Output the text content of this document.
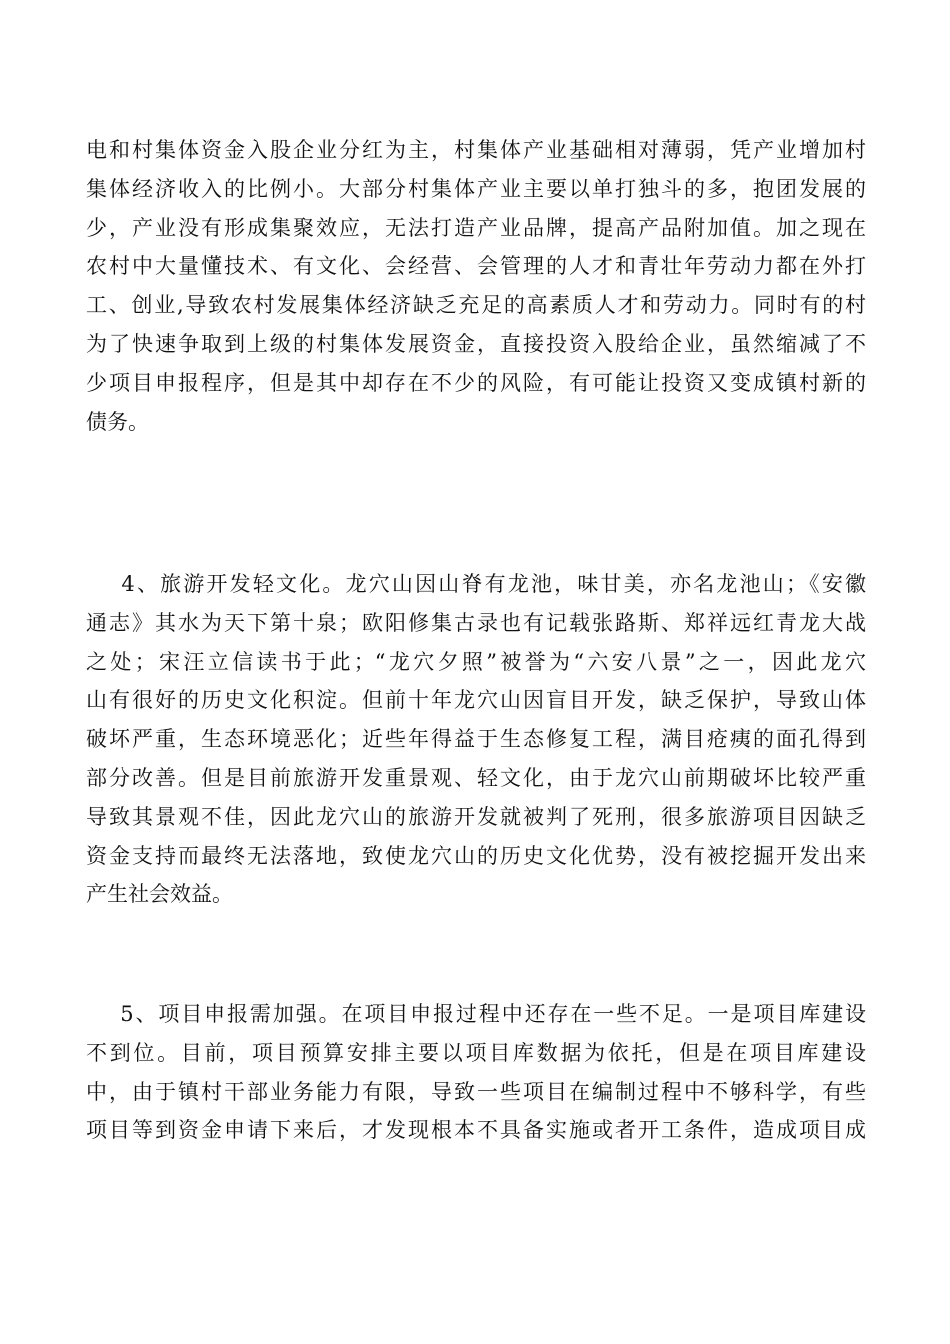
电和村集体资金入股企业分红为主，村集体产业基础相对薄弱，凭产业增加村
集体经济收入的比例小。大部分村集体产业主要以单打独斗的多，抱团发展的
少，产业没有形成集聚效应，无法打造产业品牌，提高产品附加值。加之现在
农村中大量懂技术、有文化、会经营、会管理的人才和青壮年劳动力都在外打
工、创业,导致农村发展集体经济缺乏充足的高素质人才和劳动力。同时有的村
为了快速争取到上级的村集体发展资金，直接投资入股给企业，虽然缩减了不
少项目申报程序，但是其中却存在不少的风险，有可能让投资又变成镇村新的
债务。
4、旅游开发轻文化。龙穴山因山脊有龙池，味甘美，亦名龙池山；《安徽
通志》其水为天下第十泉；欧阳修集古录也有记载张路斯、郑祥远红青龙大战
之处；宋汪立信读书于此；“龙穴夕照”被誉为“六安八景”之一，因此龙穴
山有很好的历史文化积淀。但前十年龙穴山因盲目开发，缺乏保护，导致山体
破坏严重，生态环境恶化；近些年得益于生态修复工程，满目疮痍的面孔得到
部分改善。但是目前旅游开发重景观、轻文化，由于龙穴山前期破坏比较严重
导致其景观不佳，因此龙穴山的旅游开发就被判了死刑，很多旅游项目因缺乏
资金支持而最终无法落地，致使龙穴山的历史文化优势，没有被挖掘开发出来
产生社会效益。
5、项目申报需加强。在项目申报过程中还存在一些不足。一是项目库建设
不到位。目前，项目预算安排主要以项目库数据为依托，但是在项目库建设
中，由于镇村干部业务能力有限，导致一些项目在编制过程中不够科学，有些
项目等到资金申请下来后，才发现根本不具备实施或者开工条件，造成项目成
